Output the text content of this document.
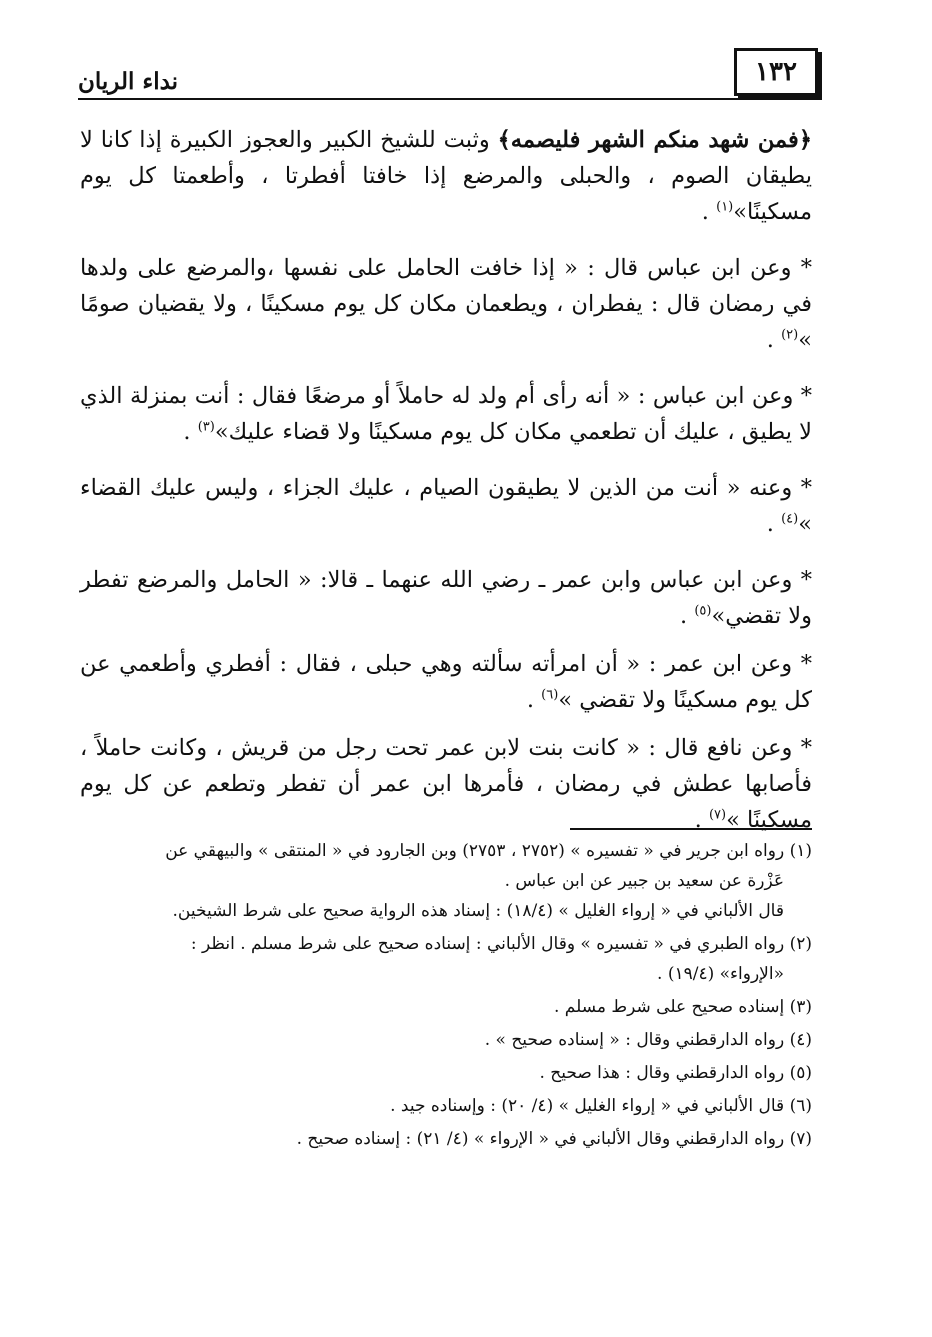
١٣٢
نداء الريان

﴿فمن شهد منكم الشهر فليصمه﴾ وثبت للشيخ الكبير والعجوز الكبيرة إذا كانا لا يطيقان الصوم ، والحبلى والمرضع إذا خافتا أفطرتا ، وأطعمتا كل يوم مسكينًا»$^{(١)}$ .

* وعن ابن عباس قال : « إذا خافت الحامل على نفسها ،والمرضع على ولدها في رمضان قال : يفطران ، ويطعمان مكان كل يوم مسكينًا ، ولا يقضيان صومًا »$^{(٢)}$ .

* وعن ابن عباس : « أنه رأى أم ولد له حاملاً أو مرضعًا فقال : أنت بمنزلة الذي لا يطيق ، عليك أن تطعمي مكان كل يوم مسكينًا ولا قضاء عليك»$^{(٣)}$ .

* وعنه « أنت من الذين لا يطيقون الصيام ، عليك الجزاء ، وليس عليك القضاء »$^{(٤)}$ .

* وعن ابن عباس وابن عمر ـ رضي الله عنهما ـ قالا: « الحامل والمرضع تفطر ولا تقضي»$^{(٥)}$ .

* وعن ابن عمر : « أن امرأته سألته وهي حبلى ، فقال : أفطري وأطعمي عن كل يوم مسكينًا ولا تقضي »$^{(٦)}$ .

* وعن نافع قال : « كانت بنت لابن عمر تحت رجل من قريش ، وكانت حاملاً ، فأصابها عطش في رمضان ، فأمرها ابن عمر أن تفطر وتطعم عن كل يوم مسكينًا »$^{(٧)}$ .

(١) رواه ابن جرير في « تفسيره » (٢٧٥٢ ، ٢٧٥٣) وبن الجارود في « المنتقى » والبيهقي عن
عَزْرة عن سعيد بن جبير عن ابن عباس .
قال الألباني في « إرواء الغليل » (١٨/٤) : إسناد هذه الرواية صحيح على شرط الشيخين.
(٢) رواه الطبري في « تفسيره » وقال الألباني : إسناده صحيح على شرط مسلم . انظر :
«الإرواء» (١٩/٤) .
(٣) إسناده صحيح على شرط مسلم .
(٤) رواه الدارقطني وقال : « إسناده صحيح » .
(٥) رواه الدارقطني وقال : هذا صحيح .
(٦) قال الألباني في « إرواء الغليل » (٤/ ٢٠) : وإسناده جيد .
(٧) رواه الدارقطني وقال الألباني في « الإرواء » (٤/ ٢١) : إسناده صحيح .
